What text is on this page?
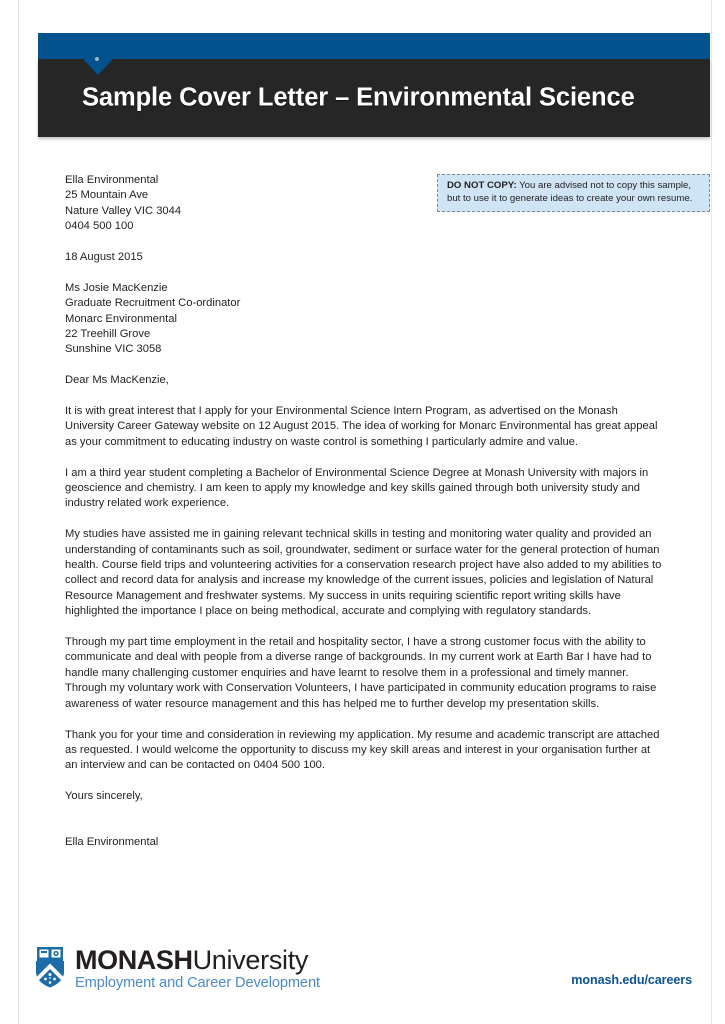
Sample Cover Letter – Environmental Science
DO NOT COPY: You are advised not to copy this sample, but to use it to generate ideas to create your own resume.
Ella Environmental
25 Mountain Ave
Nature Valley VIC 3044
0404 500 100
18 August 2015
Ms Josie MacKenzie
Graduate Recruitment Co-ordinator
Monarc Environmental
22 Treehill Grove
Sunshine VIC 3058
Dear Ms MacKenzie,

It is with great interest that I apply for your Environmental Science Intern Program, as advertised on the Monash University Career Gateway website on 12 August 2015. The idea of working for Monarc Environmental has great appeal as your commitment to educating industry on waste control is something I particularly admire and value.

I am a third year student completing a Bachelor of Environmental Science Degree at Monash University with majors in geoscience and chemistry. I am keen to apply my knowledge and key skills gained through both university study and industry related work experience.

My studies have assisted me in gaining relevant technical skills in testing and monitoring water quality and provided an understanding of contaminants such as soil, groundwater, sediment or surface water for the general protection of human health. Course field trips and volunteering activities for a conservation research project have also added to my abilities to collect and record data for analysis and increase my knowledge of the current issues, policies and legislation of Natural Resource Management and freshwater systems. My success in units requiring scientific report writing skills have highlighted the importance I place on being methodical, accurate and complying with regulatory standards.

Through my part time employment in the retail and hospitality sector, I have a strong customer focus with the ability to communicate and deal with people from a diverse range of backgrounds. In my current work at Earth Bar I have had to handle many challenging customer enquiries and have learnt to resolve them in a professional and timely manner. Through my voluntary work with Conservation Volunteers, I have participated in community education programs to raise awareness of water resource management and this has helped me to further develop my presentation skills.

Thank you for your time and consideration in reviewing my application. My resume and academic transcript are attached as requested. I would welcome the opportunity to discuss my key skill areas and interest in your organisation further at an interview and can be contacted on 0404 500 100.

Yours sincerely,
Ella Environmental
MONASHUniversity
Employment and Career Development	monash.edu/careers
